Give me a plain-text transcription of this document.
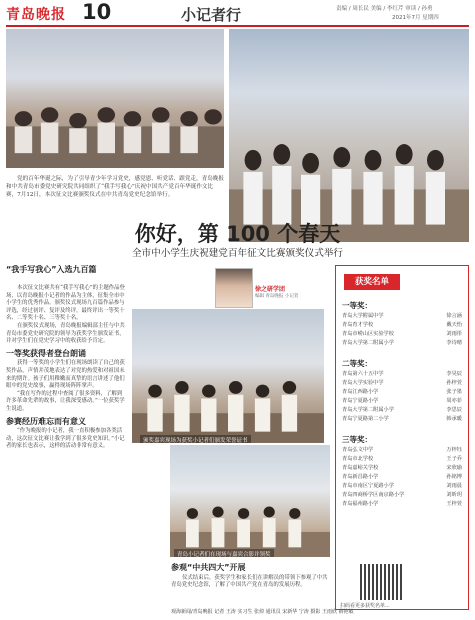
青岛晚报 10	小记者行	责编 / 周长民 美编 / 李红芹 审读 / 孙勇
2021年7月 星期四
党的百年华诞之际，为了引导青少年学习党史，感党恩、听党话、跟党走，青岛晚报和中共青岛市委党史研究院共同组织了“我手写我心”庆祝中国共产党百年华诞作文比赛，7月12日，本次征文比赛颁奖仪式在中共青岛党史纪念馆举行。
你好，第 100 个春天
全市中小学生庆祝建党百年征文比赛颁奖仪式举行
徐之研学团
编辑 青岛晚报 小记者
“我手写我心”入选九百篇

本次征文比赛共有“我手写我心”的主题作品登场，以青岛晚报小记者的作品为主体，征集全市中小学生的优秀作品。颁奖仪式现场九百篇作品参与评选，经过初评、复评及终评，最终评出一等奖十名、二等奖十名、三等奖十名。

在颁奖仪式现场，青岛晚报编辑部主任与中共青岛市委党史研究院的领导为获奖学生颁发证书，并对学生们在党史学习中的收获给予肯定。

一等奖获得者登台朗诵

获得一等奖的小学生们在现场朗读了自己的获奖作品，声情并茂地表达了对党的热爱和对祖国未来的期许。孩子们用稚嫩而真挚的语言讲述了他们眼中的党史故事，赢得现场阵阵掌声。

“我在写作的过程中查阅了很多资料，了解到许多革命先辈的故事，让我深受感动。”一位获奖学生说道。

参赛经历难忘而有意义

“作为晚报的小记者，我一直积极参加各类活动，这次征文比赛让我学到了很多党史知识。”小记者的家长也表示，这样的活动非常有意义。

颁奖嘉宾现场为获奖小记者们颁发荣誉证书
青岛小记者们在现场与嘉宾合影并领奖
参观“中共四大”开展

仪式结束后，获奖学生和家长们在讲解员的带领下参观了中共青岛党史纪念馆，了解了中国共产党在青岛的发展历程。

观海新闻/青岛晚报 记者 王涛 实习生 张倬 通讯员 宋新华 宁涛 摄影 王雨欣 薛艳敏
获奖名单
一等奖：
青岛大学附属中学	徐言涵
青岛育才学校	戴天怡
青岛市崂山区实验学校	刘雨彤
青岛大学第二附属小学	李诗晴
二等奖：
青岛第六十五中学	李昊辰
青岛大学实验中学	孙梓萱
青岛江西路小学	张子墨
青岛宁夏路小学	周亦菲
青岛大学第二附属小学	李思辰
青岛宁夏路第二小学	韩承暖
三等奖：
青岛弘文中学	万梓钰
青岛市北学校	王子乔
青岛嘉峪关学校	宋欣瑜
青岛新昌路小学	孙铭博
青岛市南区宁夏路小学	刘雨晨
青岛四商桥学区南京路小学	刘昕玥
青岛福州路小学	王梓萱
扫码看更多获奖名单...
